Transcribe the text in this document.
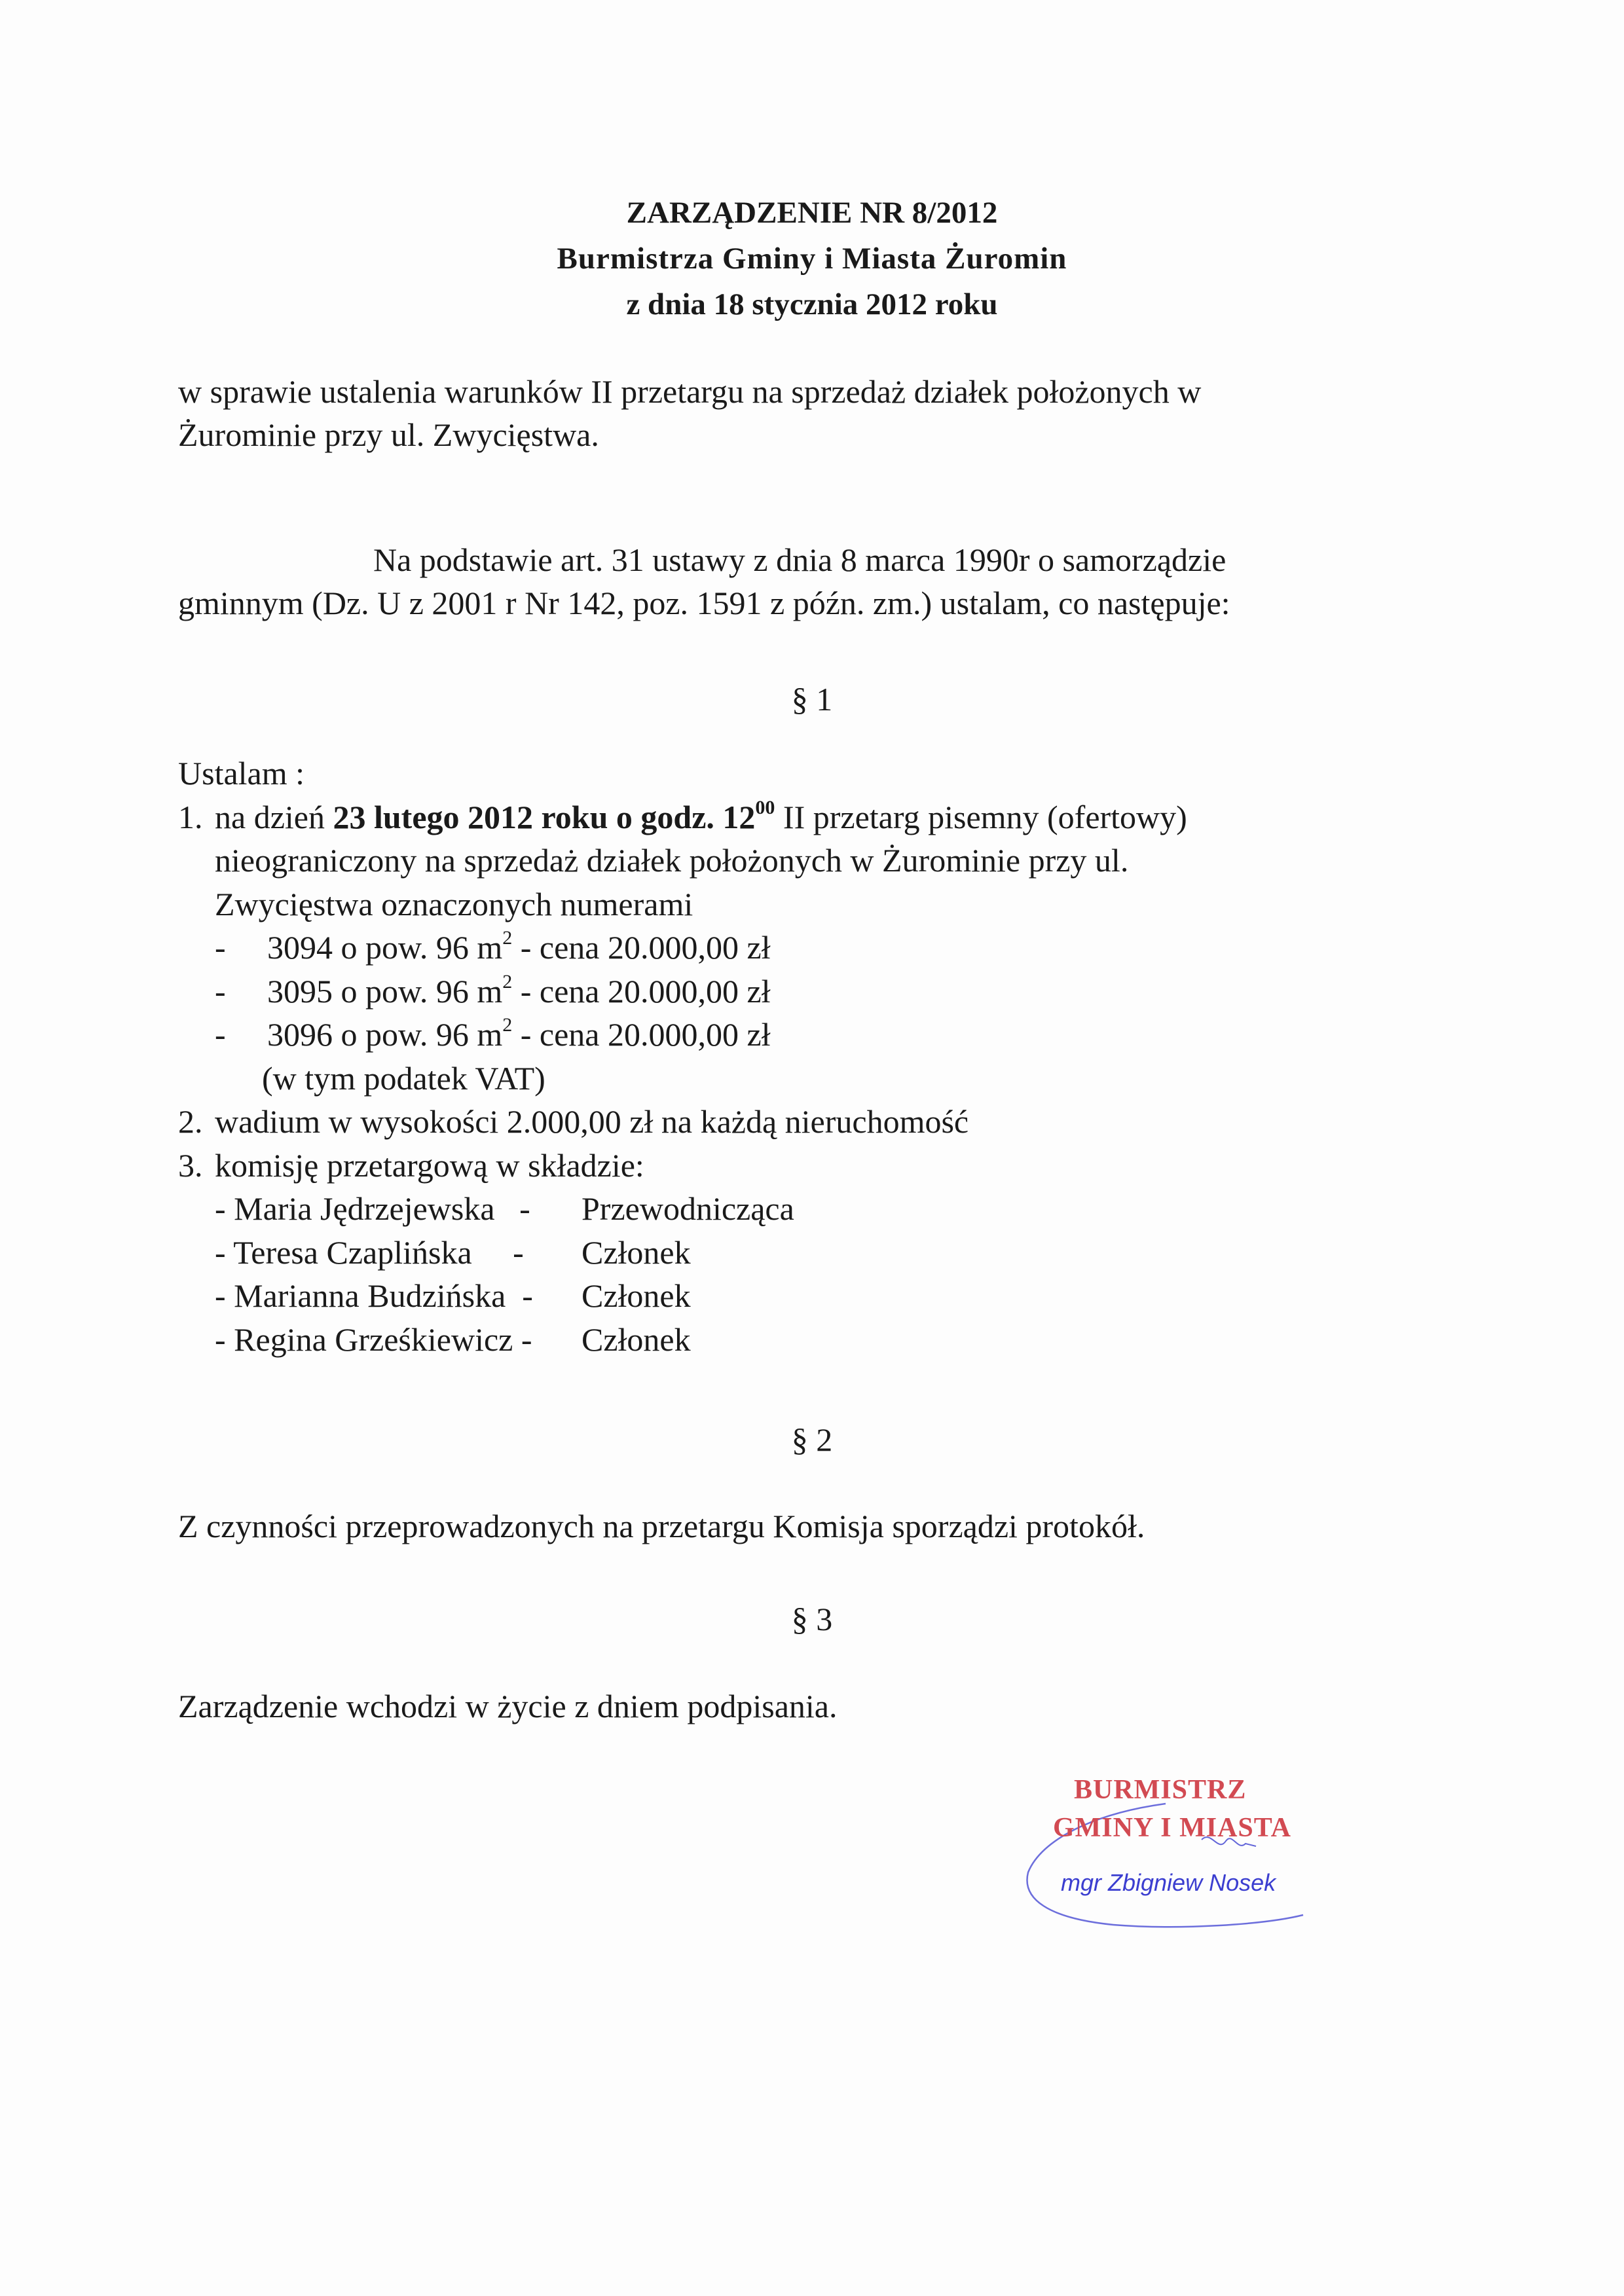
ZARZĄDZENIE NR 8/2012
Burmistrza Gminy i Miasta Żuromin
z dnia 18 stycznia 2012 roku
w sprawie ustalenia warunków II przetargu na sprzedaż działek położonych w
Żurominie przy ul. Zwycięstwa.
Na podstawie art. 31 ustawy z dnia 8 marca 1990r o samorządzie
gminnym (Dz. U z 2001 r Nr 142, poz. 1591 z późn. zm.) ustalam, co następuje:
§ 1
Ustalam :
1. na dzień 23 lutego 2012 roku o godz. $12^{00}$ II przetarg pisemny (ofertowy)
nieograniczony na sprzedaż działek położonych w Żurominie przy ul.
Zwycięstwa oznaczonych numerami
- 3094 o pow. 96 $m^2$ - cena 20.000,00 zł
- 3095 o pow. 96 $m^2$ - cena 20.000,00 zł
- 3096 o pow. 96 $m^2$ - cena 20.000,00 zł
(w tym podatek VAT)
2. wadium w wysokości 2.000,00 zł na każdą nieruchomość
3. komisję przetargową w składzie:
- Maria Jędrzejewska   - Przewodnicząca
- Teresa Czaplińska     - Członek
- Marianna Budzińska  - Członek
- Regina Grześkiewicz - Członek
§ 2
Z czynności przeprowadzonych na przetargu Komisja sporządzi protokół.
§ 3
Zarządzenie wchodzi w życie z dniem podpisania.
BURMISTRZ
GMINY I MIASTA
mgr Zbigniew Nosek
